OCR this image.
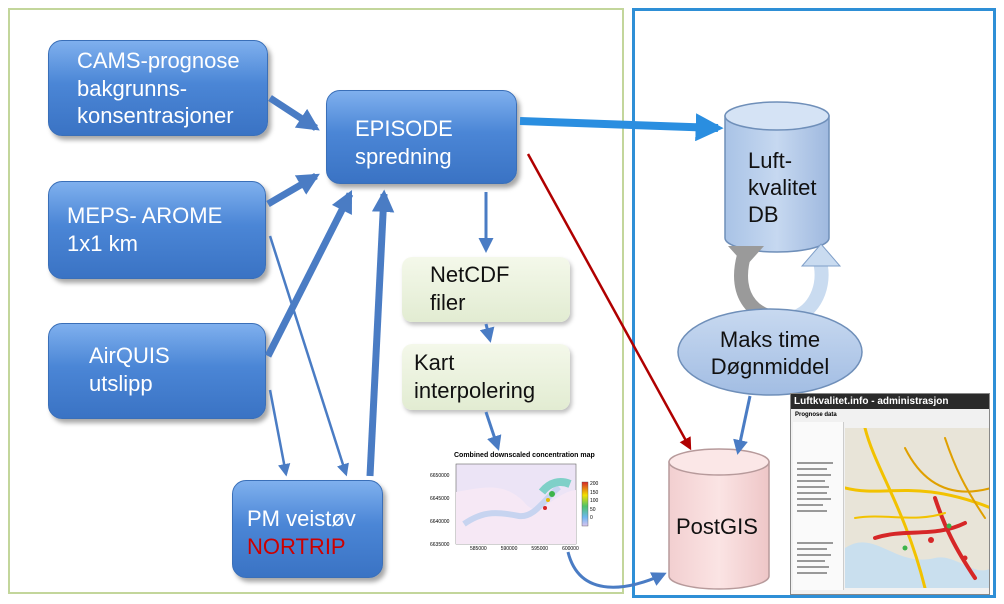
CAMS-prognose
bakgrunns-
konsentrasjoner
MEPS- AROME
1x1 km
AirQUIS
utslipp
PM veistøv
NORTRIP
EPISODE
spredning
NetCDF
filer
Kart
interpolering
Luft-
kvalitet
DB
Maks time
Døgnmiddel
PostGIS
Combined downscaled concentration map
200
150
100
50
0
6650000
6645000
6640000
6635000
585000	590000	595000	600000
Luftkvalitet.info - administrasjon
Prognose data
